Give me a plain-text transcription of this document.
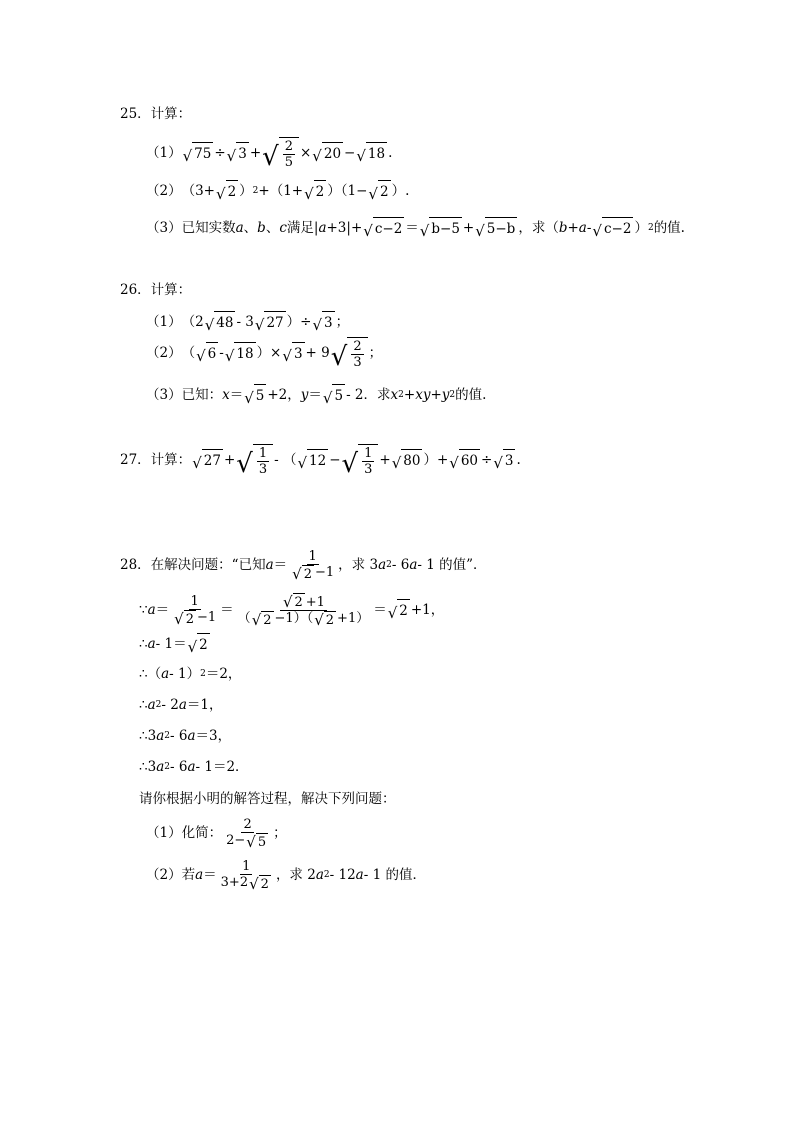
25．计算：
（1） √ 75 ÷ √ 3 + √ $\frac{2}{5}$ × √ 20 − √ 18 .
（2） （3+ √ 2 ） 2 +（1+ √ 2 ）（1− √ 2 ）.
（3） 已知实数 a 、 b 、 c 满足| a +3|+ √ c−2 ＝ √ b−5 + √ 5−b ，求（ b + a - √ c−2 ） 2 的值.
26．计算：
（1） （2 √ 48 - 3 √ 27 ）÷ √ 3 ；
（2） （ √ 6 - √ 18 ）× √ 3 + 9 √ $\frac{2}{3}$ ；
（3） 已知： x ＝ √ 5 +2， y ＝ √ 5 - 2．求 x 2 + xy + y 2 的值.
27．计算： √ 27 + √ $\frac{1}{3}$ - （ √ 12 − √ $\frac{1}{3}$ + √ 80 ）+ √ 60 ÷ √ 3 .
28．在解决问题：“已知 $a = \frac{1}{√ 2 -1}$ ，求 3 a 2 - 6 a - 1 的值”．
∵ $a = \frac{1}{√ 2 -1} = \frac{√ 2 +1}{( √ 2 -1)( √ 2 +1)}$ ＝ √ 2 +1，
∴ a - 1＝ √ 2
∴ （ a - 1） 2 ＝2，
∴ a 2 - 2 a ＝1，
∴ 3 a 2 - 6 a ＝3，
∴ 3 a 2 - 6 a - 1＝2．
请你根据小明的解答过程，解决下列问题：
（1） 化简： $\frac{2}{2- √ 5}$ ；
（2） 若 $a = \frac{1}{3+2 √ 2}$ ，求 2 a 2 - 12 a - 1 的值．
